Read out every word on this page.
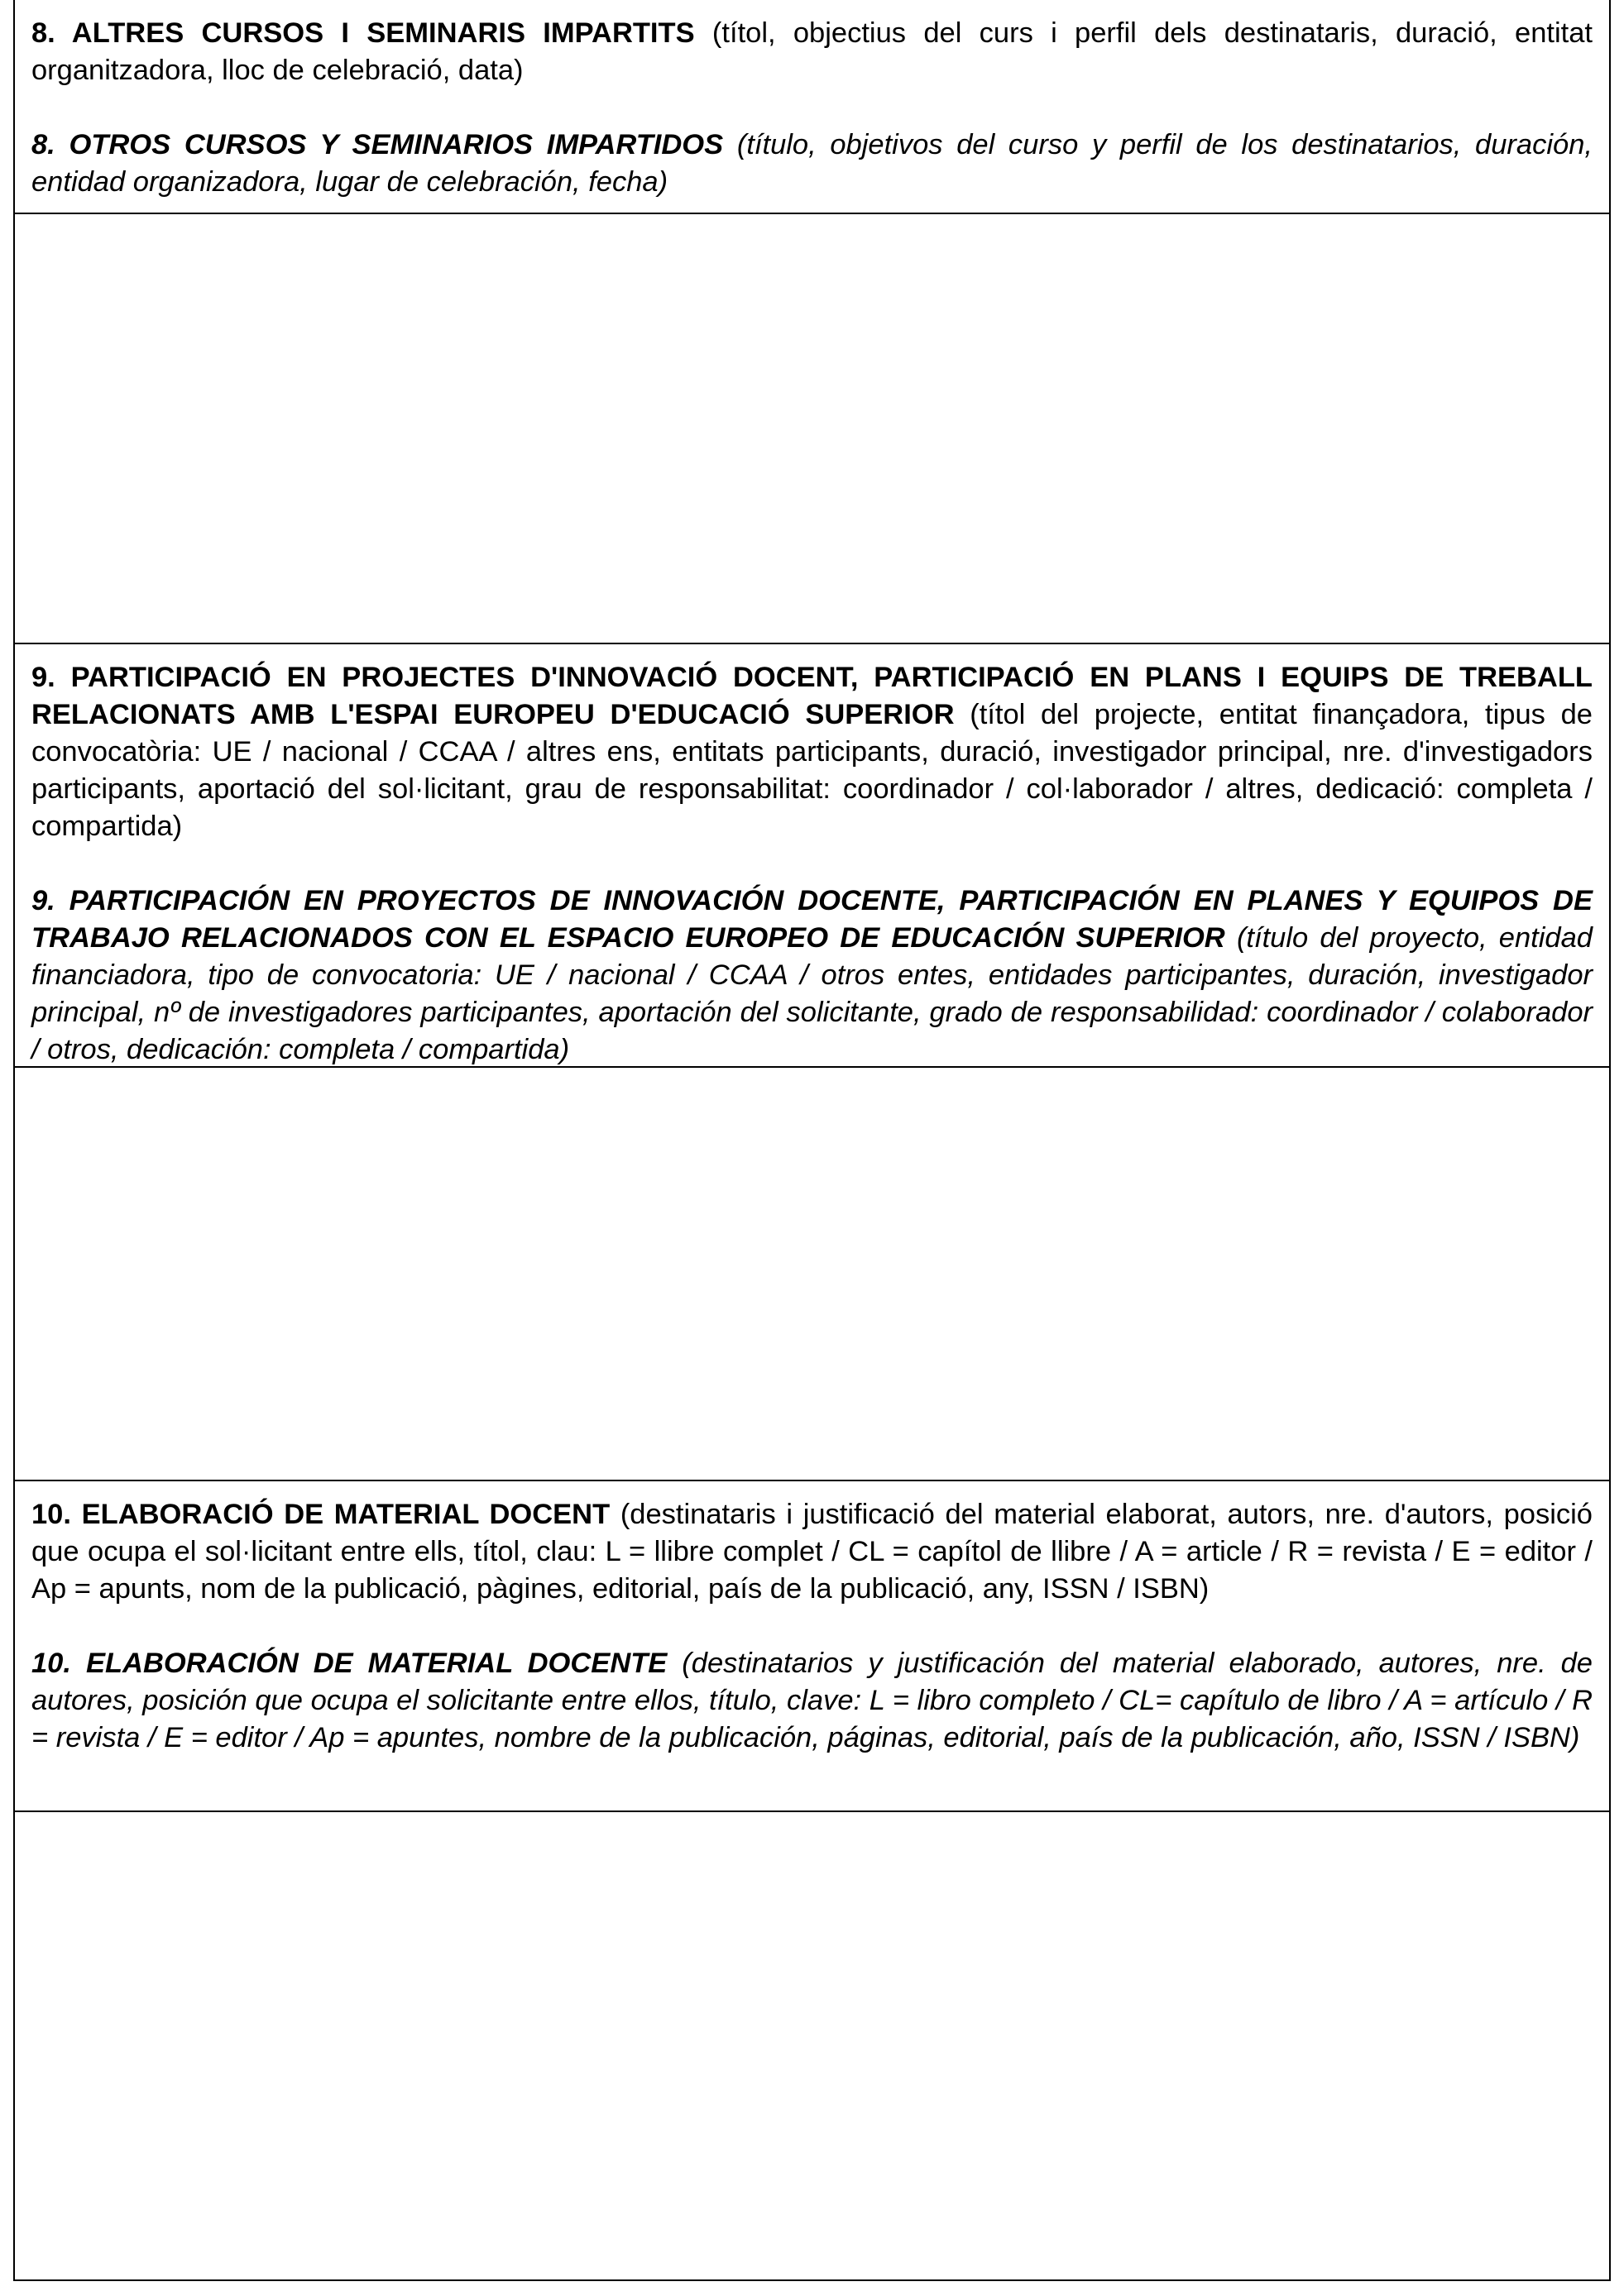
8. ALTRES CURSOS I SEMINARIS IMPARTITS (títol, objectius del curs i perfil dels destinataris, duració, entitat organitzadora, lloc de celebració, data)

8. OTROS CURSOS Y SEMINARIOS IMPARTIDOS (título, objetivos del curso y perfil de los destinatarios, duración, entidad organizadora, lugar de celebración, fecha)

9. PARTICIPACIÓ EN PROJECTES D'INNOVACIÓ DOCENT, PARTICIPACIÓ EN PLANS I EQUIPS DE TREBALL RELACIONATS AMB L'ESPAI EUROPEU D'EDUCACIÓ SUPERIOR (títol del projecte, entitat finançadora, tipus de convocatòria: UE / nacional / CCAA / altres ens, entitats participants, duració, investigador principal, nre. d'investigadors participants, aportació del sol·licitant, grau de responsabilitat: coordinador / col·laborador / altres, dedicació: completa / compartida)

9. PARTICIPACIÓN EN PROYECTOS DE INNOVACIÓN DOCENTE, PARTICIPACIÓN EN PLANES Y EQUIPOS DE TRABAJO RELACIONADOS CON EL ESPACIO EUROPEO DE EDUCACIÓN SUPERIOR (título del proyecto, entidad financiadora, tipo de convocatoria: UE / nacional / CCAA / otros entes, entidades participantes, duración, investigador principal, nº de investigadores participantes, aportación del solicitante, grado de responsabilidad: coordinador / colaborador / otros, dedicación: completa / compartida)

10. ELABORACIÓ DE MATERIAL DOCENT (destinataris i justificació del material elaborat, autors, nre. d'autors, posició que ocupa el sol·licitant entre ells, títol, clau: L = llibre complet / CL = capítol de llibre / A = article / R = revista / E = editor / Ap = apunts, nom de la publicació, pàgines, editorial, país de la publicació, any, ISSN / ISBN)

10. ELABORACIÓN DE MATERIAL DOCENTE (destinatarios y justificación del material elaborado, autores, nre. de autores, posición que ocupa el solicitante entre ellos, título, clave: L = libro completo / CL= capítulo de libro / A = artículo / R = revista / E = editor / Ap = apuntes, nombre de la publicación, páginas, editorial, país de la publicación, año, ISSN / ISBN)
